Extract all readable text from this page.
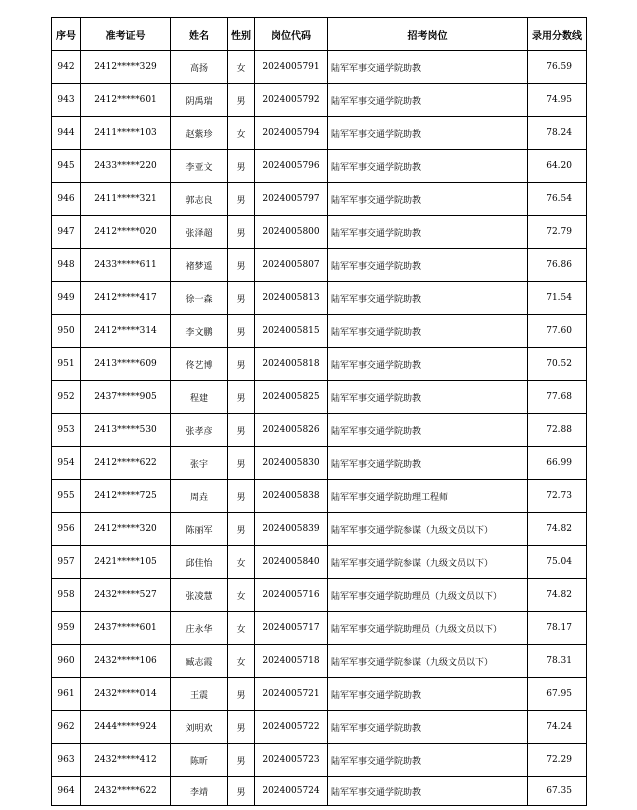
序号	准考证号	姓名	性别	岗位代码	招考岗位	录用分数线
942	2412*****329	高扬	女	2024005791	陆军军事交通学院助教	76.59
943	2412*****601	阴禹瑞	男	2024005792	陆军军事交通学院助教	74.95
944	2411*****103	赵紫珍	女	2024005794	陆军军事交通学院助教	78.24
945	2433*****220	李亚文	男	2024005796	陆军军事交通学院助教	64.20
946	2411*****321	郭志良	男	2024005797	陆军军事交通学院助教	76.54
947	2412*****020	张泽超	男	2024005800	陆军军事交通学院助教	72.79
948	2433*****611	褚梦遥	男	2024005807	陆军军事交通学院助教	76.86
949	2412*****417	徐一森	男	2024005813	陆军军事交通学院助教	71.54
950	2412*****314	李文鹏	男	2024005815	陆军军事交通学院助教	77.60
951	2413*****609	佟艺博	男	2024005818	陆军军事交通学院助教	70.52
952	2437*****905	程建	男	2024005825	陆军军事交通学院助教	77.68
953	2413*****530	张孝彦	男	2024005826	陆军军事交通学院助教	72.88
954	2412*****622	张宇	男	2024005830	陆军军事交通学院助教	66.99
955	2412*****725	周垚	男	2024005838	陆军军事交通学院助理工程师	72.73
956	2412*****320	陈丽军	男	2024005839	陆军军事交通学院参谋（九级文员以下）	74.82
957	2421*****105	邱佳怡	女	2024005840	陆军军事交通学院参谋（九级文员以下）	75.04
958	2432*****527	张凌慧	女	2024005716	陆军军事交通学院助理员（九级文员以下）	74.82
959	2437*****601	庄永华	女	2024005717	陆军军事交通学院助理员（九级文员以下）	78.17
960	2432*****106	臧志霞	女	2024005718	陆军军事交通学院参谋（九级文员以下）	78.31
961	2432*****014	王震	男	2024005721	陆军军事交通学院助教	67.95
962	2444*****924	刘明欢	男	2024005722	陆军军事交通学院助教	74.24
963	2432*****412	陈昕	男	2024005723	陆军军事交通学院助教	72.29
964	2432*****622	李靖	男	2024005724	陆军军事交通学院助教	67.35
